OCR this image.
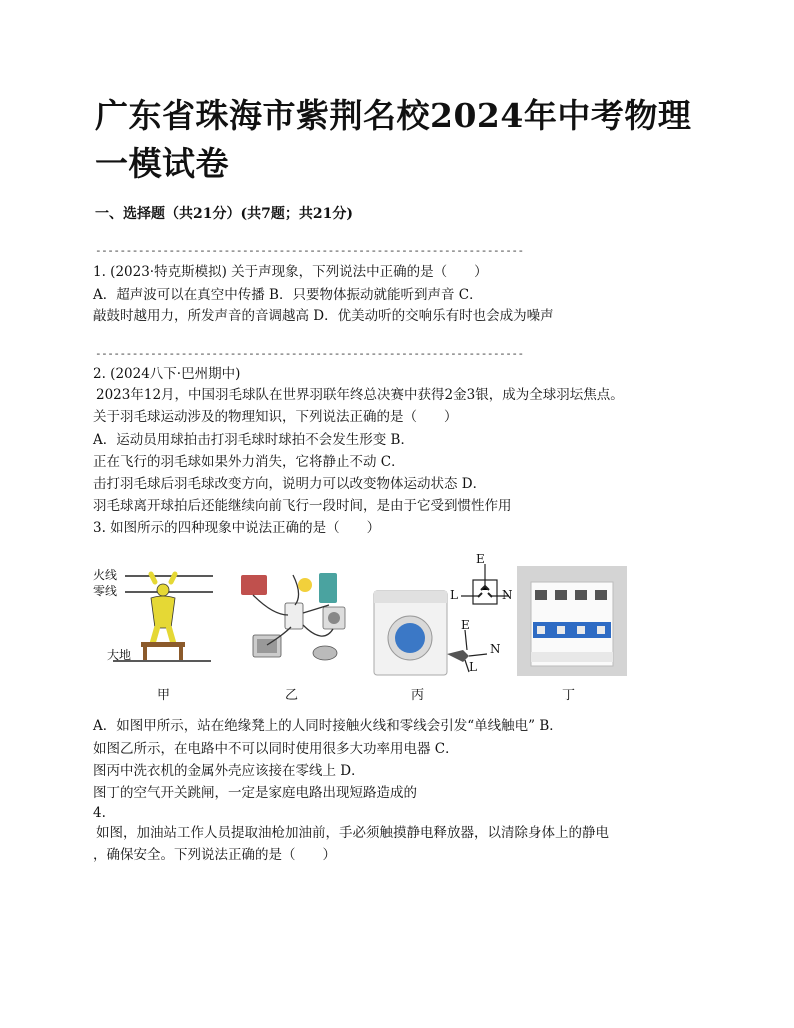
广东省珠海市紫荆名校2024年中考物理一模试卷
一、选择题（共21分）(共7题；共21分)
----------------------------------------------------------------------
1. (2023·特克斯模拟) 关于声现象，下列说法中正确的是（　　）
A．超声波可以在真空中传播 B．只要物体振动就能听到声音 C．
敲鼓时越用力，所发声音的音调越高 D．优美动听的交响乐有时也会成为噪声
----------------------------------------------------------------------
2. (2024八下·巴州期中)
2023年12月，中国羽毛球队在世界羽联年终总决赛中获得2金3银，成为全球羽坛焦点。
关于羽毛球运动涉及的物理知识，下列说法正确的是（　　）
A．运动员用球拍击打羽毛球时球拍不会发生形变 B．
正在飞行的羽毛球如果外力消失，它将静止不动 C．
击打羽毛球后羽毛球改变方向，说明力可以改变物体运动状态 D．
羽毛球离开球拍后还能继续向前飞行一段时间，是由于它受到惯性作用
3. 如图所示的四种现象中说法正确的是（　　）
火线
零线
大地
E
L	N
E
N
L
甲	乙	丙	丁
A．如图甲所示，站在绝缘凳上的人同时接触火线和零线会引发“单线触电” B．
如图乙所示，在电路中不可以同时使用很多大功率用电器 C．
图丙中洗衣机的金属外壳应该接在零线上 D．
图丁的空气开关跳闸，一定是家庭电路出现短路造成的
4.
如图，加油站工作人员提取油枪加油前，手必须触摸静电释放器，以清除身体上的静电
，确保安全。下列说法正确的是（　　）
